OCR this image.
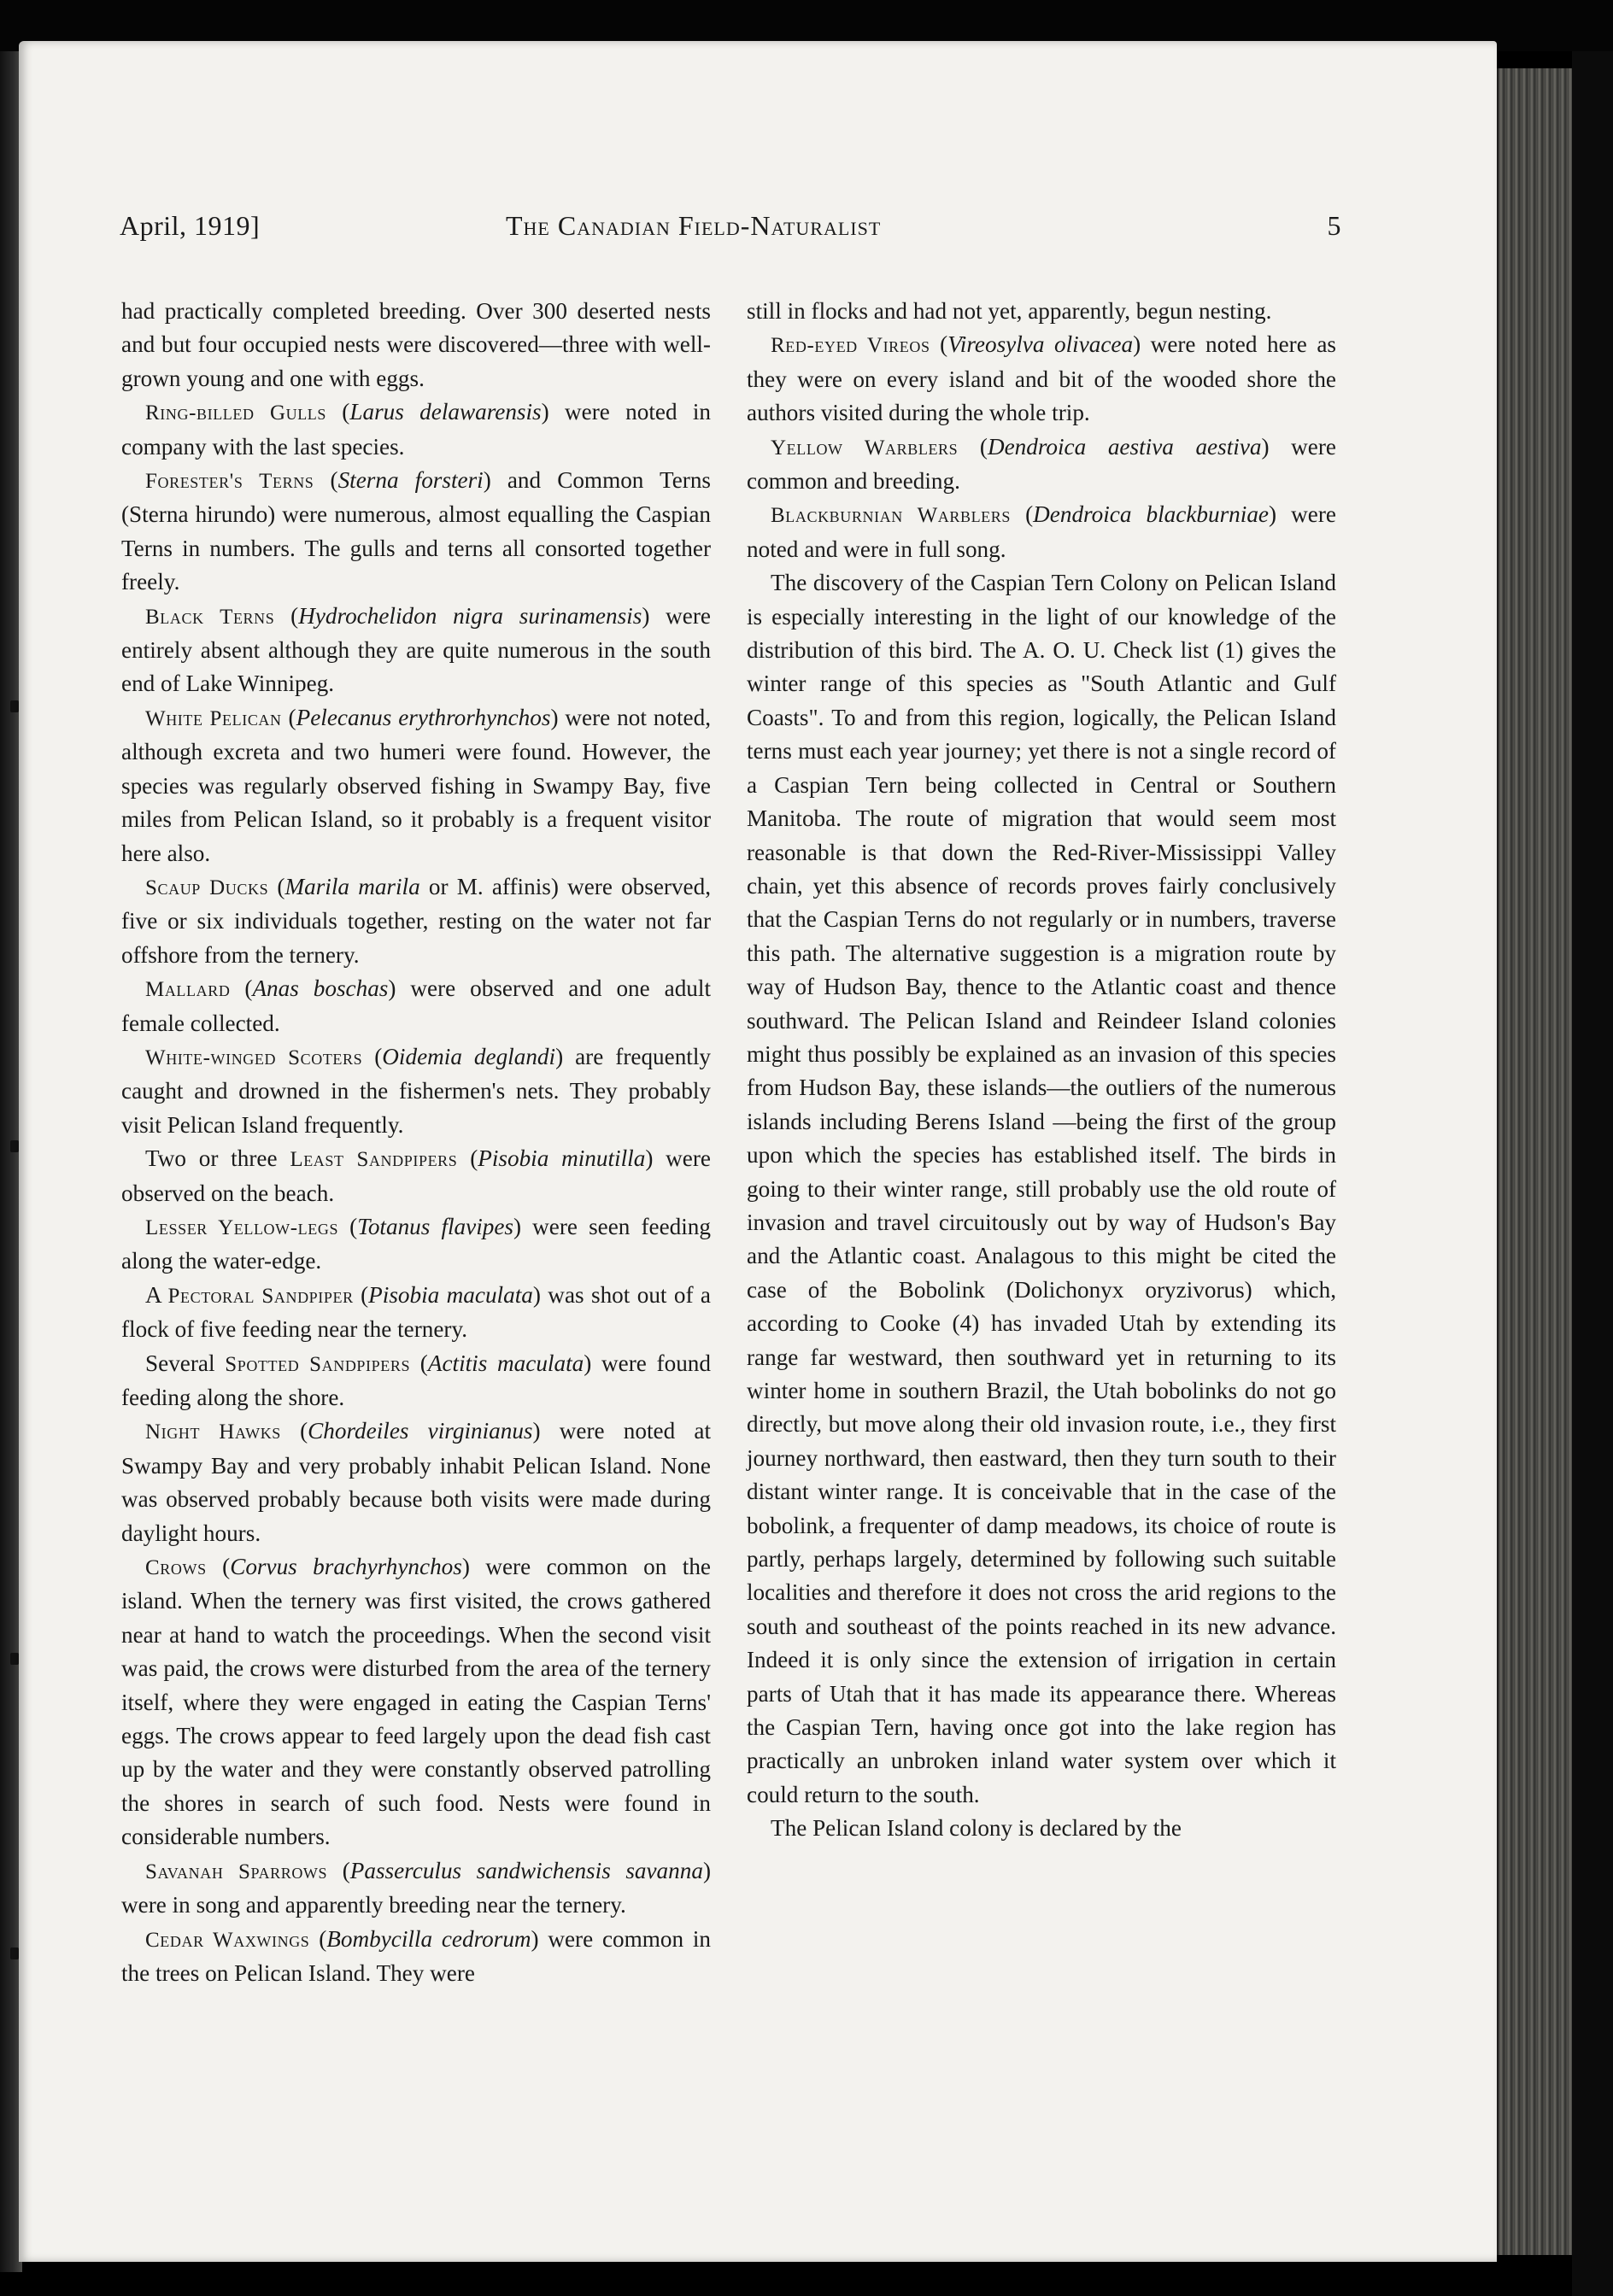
April, 1919]	The Canadian Field-Naturalist	5

had practically completed breeding. Over 300 deserted nests and but four occupied nests were discovered—three with well-grown young and one with eggs.

Ring-billed Gulls (Larus delawarensis) were noted in company with the last species.

Forester's Terns (Sterna forsteri) and Common Terns (Sterna hirundo) were numerous, almost equalling the Caspian Terns in numbers. The gulls and terns all consorted together freely.

Black Terns (Hydrochelidon nigra surinamensis) were entirely absent although they are quite numerous in the south end of Lake Winnipeg.

White Pelican (Pelecanus erythrorhynchos) were not noted, although excreta and two humeri were found. However, the species was regularly observed fishing in Swampy Bay, five miles from Pelican Island, so it probably is a frequent visitor here also.

Scaup Ducks (Marila marila or M. affinis) were observed, five or six individuals together, resting on the water not far offshore from the ternery.

Mallard (Anas boschas) were observed and one adult female collected.

White-winged Scoters (Oidemia deglandi) are frequently caught and drowned in the fishermen's nets. They probably visit Pelican Island frequently.

Two or three Least Sandpipers (Pisobia minutilla) were observed on the beach.

Lesser Yellow-legs (Totanus flavipes) were seen feeding along the water-edge.

A Pectoral Sandpiper (Pisobia maculata) was shot out of a flock of five feeding near the ternery.

Several Spotted Sandpipers (Actitis maculata) were found feeding along the shore.

Night Hawks (Chordeiles virginianus) were noted at Swampy Bay and very probably inhabit Pelican Island. None was observed probably because both visits were made during daylight hours.

Crows (Corvus brachyrhynchos) were common on the island. When the ternery was first visited, the crows gathered near at hand to watch the proceedings. When the second visit was paid, the crows were disturbed from the area of the ternery itself, where they were engaged in eating the Caspian Terns' eggs. The crows appear to feed largely upon the dead fish cast up by the water and they were constantly observed patrolling the shores in search of such food. Nests were found in considerable numbers.

Savanah Sparrows (Passerculus sandwichensis savanna) were in song and apparently breeding near the ternery.

Cedar Waxwings (Bombycilla cedrorum) were common in the trees on Pelican Island. They were

still in flocks and had not yet, apparently, begun nesting.

Red-eyed Vireos (Vireosylva olivacea) were noted here as they were on every island and bit of the wooded shore the authors visited during the whole trip.

Yellow Warblers (Dendroica aestiva aestiva) were common and breeding.

Blackburnian Warblers (Dendroica blackburniae) were noted and were in full song.

The discovery of the Caspian Tern Colony on Pelican Island is especially interesting in the light of our knowledge of the distribution of this bird. The A. O. U. Check list (1) gives the winter range of this species as "South Atlantic and Gulf Coasts". To and from this region, logically, the Pelican Island terns must each year journey; yet there is not a single record of a Caspian Tern being collected in Central or Southern Manitoba. The route of migration that would seem most reasonable is that down the Red-River-Mississippi Valley chain, yet this absence of records proves fairly conclusively that the Caspian Terns do not regularly or in numbers, traverse this path. The alternative suggestion is a migration route by way of Hudson Bay, thence to the Atlantic coast and thence southward. The Pelican Island and Reindeer Island colonies might thus possibly be explained as an invasion of this species from Hudson Bay, these islands—the outliers of the numerous islands including Berens Island —being the first of the group upon which the species has established itself. The birds in going to their winter range, still probably use the old route of invasion and travel circuitously out by way of Hudson's Bay and the Atlantic coast. Analagous to this might be cited the case of the Bobolink (Dolichonyx oryzivorus) which, according to Cooke (4) has invaded Utah by extending its range far westward, then southward yet in returning to its winter home in southern Brazil, the Utah bobolinks do not go directly, but move along their old invasion route, i.e., they first journey northward, then eastward, then they turn south to their distant winter range. It is conceivable that in the case of the bobolink, a frequenter of damp meadows, its choice of route is partly, perhaps largely, determined by following such suitable localities and therefore it does not cross the arid regions to the south and southeast of the points reached in its new advance. Indeed it is only since the extension of irrigation in certain parts of Utah that it has made its appearance there. Whereas the Caspian Tern, having once got into the lake region has practically an unbroken inland water system over which it could return to the south.

The Pelican Island colony is declared by the
